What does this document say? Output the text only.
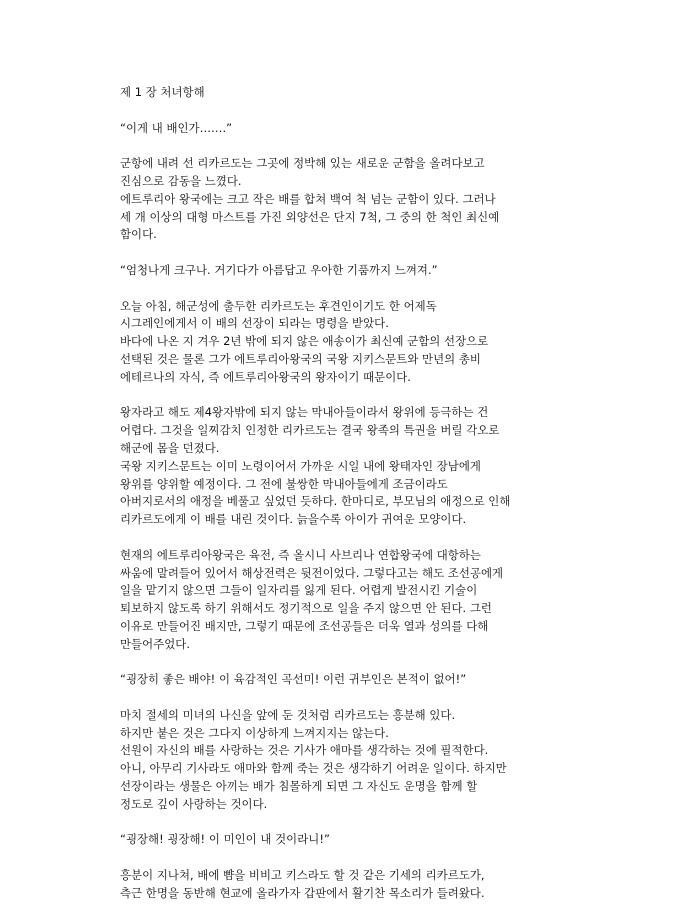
제 1 장 처녀항해

“이게 내 배인가…….”
군항에 내려 선 리카르도는 그곳에 정박해 있는 새로운 군함을 올려다보고
진심으로 감동을 느꼈다.
에트루리아 왕국에는 크고 작은 배를 합쳐 백여 척 넘는 군함이 있다. 그러나
세 개 이상의 대형 마스트를 가진 외양선은 단지 7척, 그 중의 한 척인 최신예
함이다.
“엄청나게 크구나. 거기다가 아름답고 우아한 기품까지 느껴져.”
오늘 아침, 해군성에 출두한 리카르도는 후견인이기도 한 어제독
시그레인에게서 이 배의 선장이 되라는 명령을 받았다.
바다에 나온 지 겨우 2년 밖에 되지 않은 애송이가 최신예 군함의 선장으로
선택된 것은 물론 그가 에트루리아왕국의 국왕 지키스문트와 만년의 총비
에테르나의 자식, 즉 에트루리아왕국의 왕자이기 때문이다.
왕자라고 해도 제4왕자밖에 되지 않는 막내아들이라서 왕위에 등극하는 건
어렵다. 그것을 일찌감치 인정한 리카르도는 결국 왕족의 특권을 버릴 각오로
해군에 몸을 던졌다.
국왕 지키스문트는 이미 노령이어서 가까운 시일 내에 왕태자인 장남에게
왕위를 양위할 예정이다. 그 전에 불쌍한 막내아들에게 조금이라도
아버지로서의 애정을 베풀고 싶었던 듯하다. 한마디로, 부모님의 애정으로 인해
리카르도에게 이 배를 내린 것이다. 늙을수록 아이가 귀여운 모양이다.
현재의 에트루리아왕국은 육전, 즉 올시니 사브리나 연합왕국에 대항하는
싸움에 말려들어 있어서 해상전력은 뒷전이었다. 그렇다고는 해도 조선공에게
일을 맡기지 않으면 그들이 일자리를 잃게 된다. 어렵게 발전시킨 기술이
퇴보하지 않도록 하기 위해서도 정기적으로 일을 주지 않으면 안 된다. 그런
이유로 만들어진 배지만, 그렇기 때문에 조선공들은 더욱 열과 성의를 다해
만들어주었다.
“굉장히 좋은 배야! 이 육감적인 곡선미! 이런 귀부인은 본적이 없어!”
마치 절세의 미녀의 나신을 앞에 둔 것처럼 리카르도는 흥분해 있다.
하지만 붙은 것은 그다지 이상하게 느껴지지는 않는다.
선원이 자신의 배를 사랑하는 것은 기사가 애마를 생각하는 것에 필적한다.
아니, 아무리 기사라도 애마와 함께 죽는 것은 생각하기 어려운 일이다. 하지만
선장이라는 생물은 아끼는 배가 침몰하게 되면 그 자신도 운명을 함께 할
정도로 깊이 사랑하는 것이다.
“굉장해! 굉장해! 이 미인이 내 것이라니!”
흥분이 지나쳐, 배에 뺨을 비비고 키스라도 할 것 같은 기세의 리카르도가,
측근 한명을 동반해 현교에 올라가자 갑판에서 활기찬 목소리가 들려왔다.
